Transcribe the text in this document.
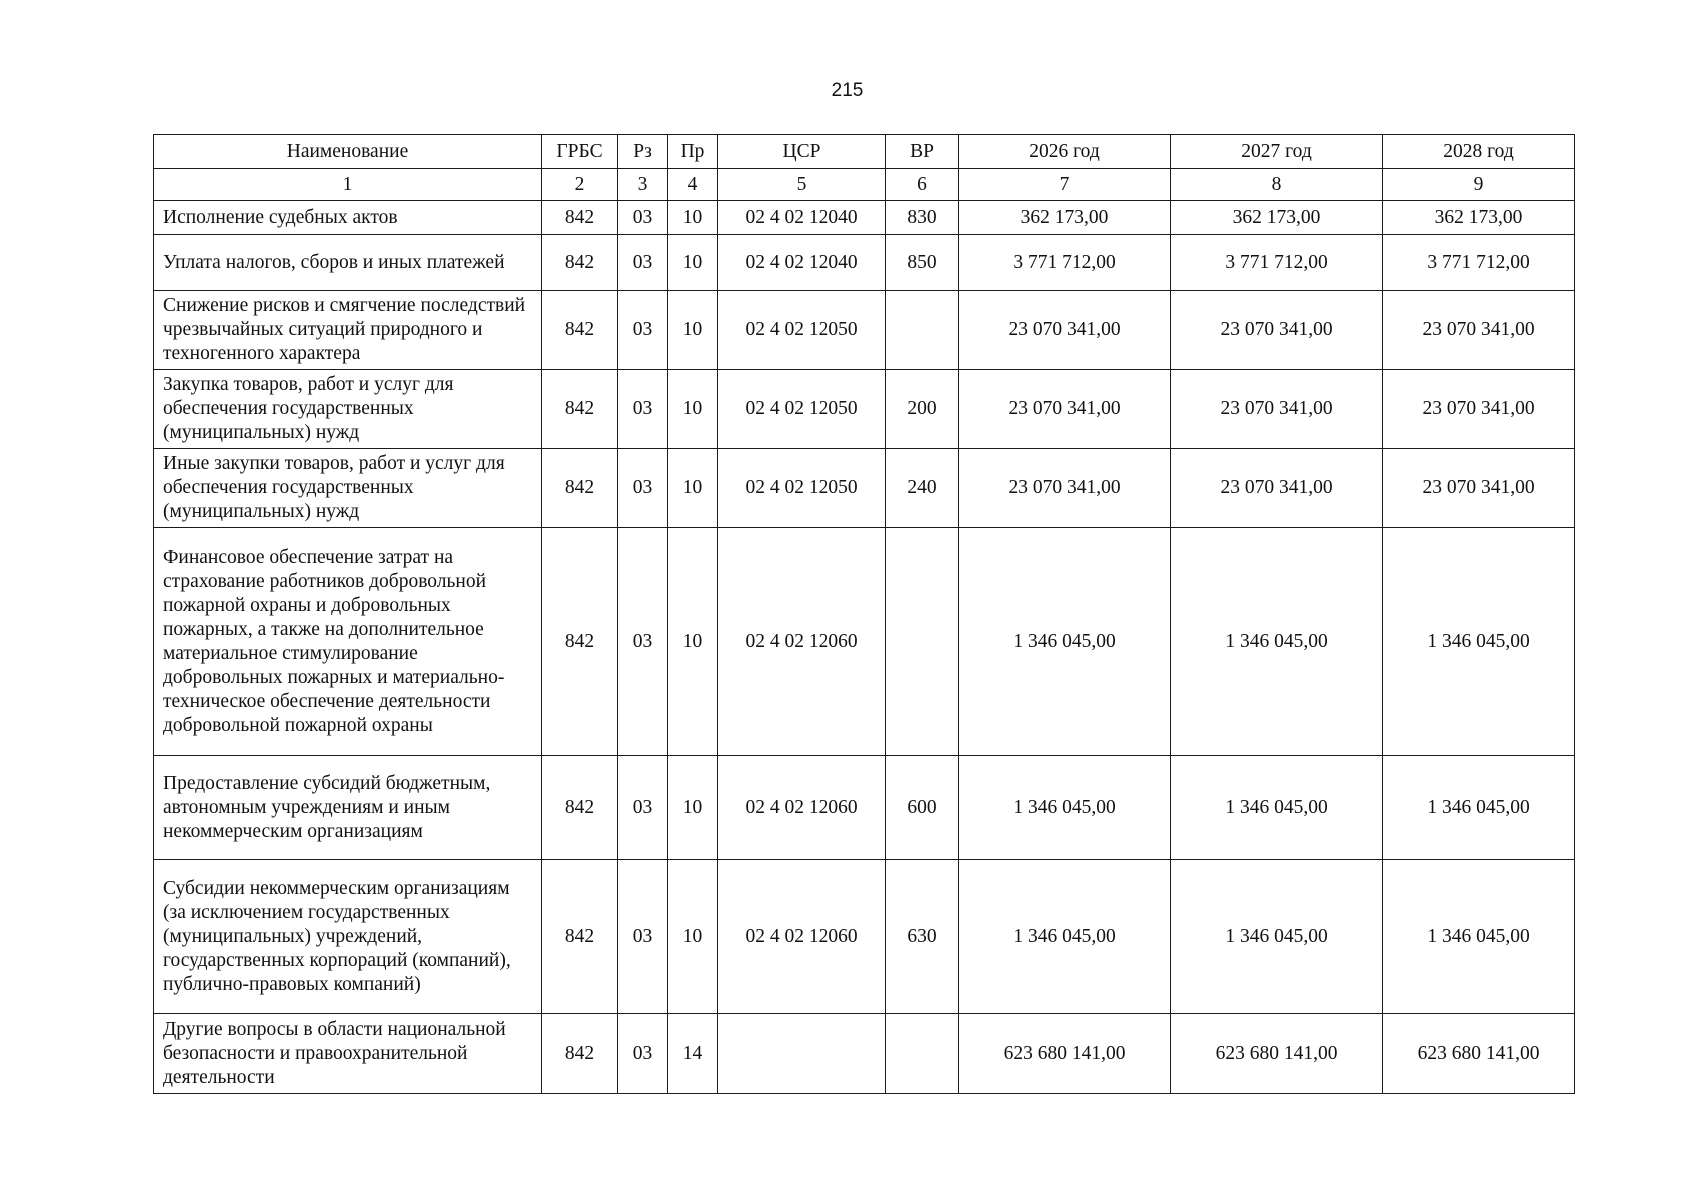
215
Наименование	ГРБС	Рз	Пр	ЦСР	ВР	2026 год	2027 год	2028 год
1	2	3	4	5	6	7	8	9
Исполнение судебных актов	842	03	10	02 4 02 12040	830	362 173,00	362 173,00	362 173,00
Уплата налогов, сборов и иных платежей	842	03	10	02 4 02 12040	850	3 771 712,00	3 771 712,00	3 771 712,00
Снижение рисков и смягчение последствий чрезвычайных ситуаций природного и техногенного характера	842	03	10	02 4 02 12050		23 070 341,00	23 070 341,00	23 070 341,00
Закупка товаров, работ и услуг для обеспечения государственных (муниципальных) нужд	842	03	10	02 4 02 12050	200	23 070 341,00	23 070 341,00	23 070 341,00
Иные закупки товаров, работ и услуг для обеспечения государственных (муниципальных) нужд	842	03	10	02 4 02 12050	240	23 070 341,00	23 070 341,00	23 070 341,00
Финансовое обеспечение затрат на страхование работников добровольной пожарной охраны и добровольных пожарных, а также на дополнительное материальное стимулирование добровольных пожарных и материально-техническое обеспечение деятельности добровольной пожарной охраны	842	03	10	02 4 02 12060		1 346 045,00	1 346 045,00	1 346 045,00
Предоставление субсидий бюджетным, автономным учреждениям и иным некоммерческим организациям	842	03	10	02 4 02 12060	600	1 346 045,00	1 346 045,00	1 346 045,00
Субсидии некоммерческим организациям (за исключением государственных (муниципальных) учреждений, государственных корпораций (компаний), публично-правовых компаний)	842	03	10	02 4 02 12060	630	1 346 045,00	1 346 045,00	1 346 045,00
Другие вопросы в области национальной безопасности и правоохранительной деятельности	842	03	14			623 680 141,00	623 680 141,00	623 680 141,00
